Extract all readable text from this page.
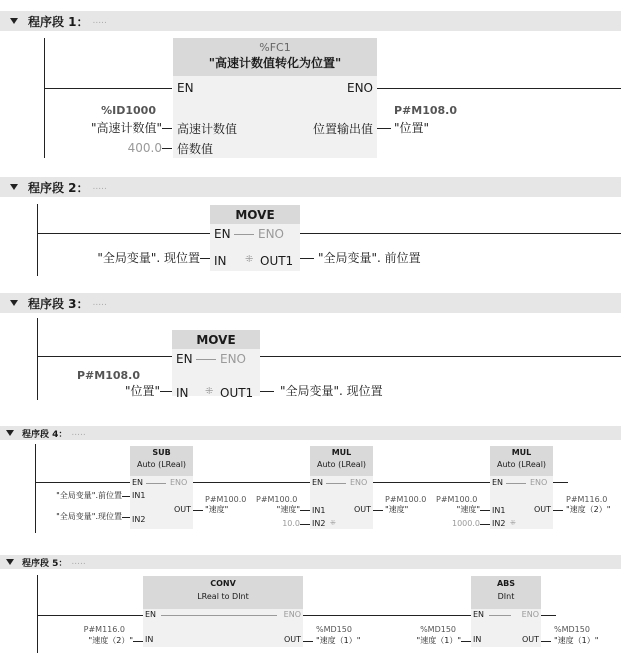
程序段 1： .....
%FC1
"高速计数值转化为位置"
EN	ENO
高速计数值
倍数值
位置输出值
%ID1000
"高速计数值"
400.0
P#M108.0
"位置"
程序段 2： .....
MOVE
EN ENO
IN ⁜ OUT1
"全局变量". 现位置	"全局变量". 前位置
程序段 3： .....
MOVE
EN ENO
IN ⁜ OUT1
P#M108.0
"位置"	"全局变量". 现位置
程序段 4： .....
SUB
Auto (LReal)
EN	ENO
IN1
IN2
OUT
"全局变量".前位置
"全局变量".现位置
P#M100.0
"速度"
MUL
Auto (LReal)
EN	ENO
IN1
IN2 ⁜
OUT
P#M100.0
"速度"
10.0
P#M100.0
"速度"
MUL
Auto (LReal)
EN	ENO
IN1
IN2 ⁜
OUT
P#M100.0
"速度"
1000.0
P#M116.0
"速度（2）"
程序段 5： .....
CONV
LReal to DInt
EN	ENO
IN	OUT
P#M116.0
"速度（2）"
%MD150
"速度（1）"
ABS
DInt
EN	ENO
IN	OUT
%MD150
"速度（1）"
%MD150
"速度（1）"
